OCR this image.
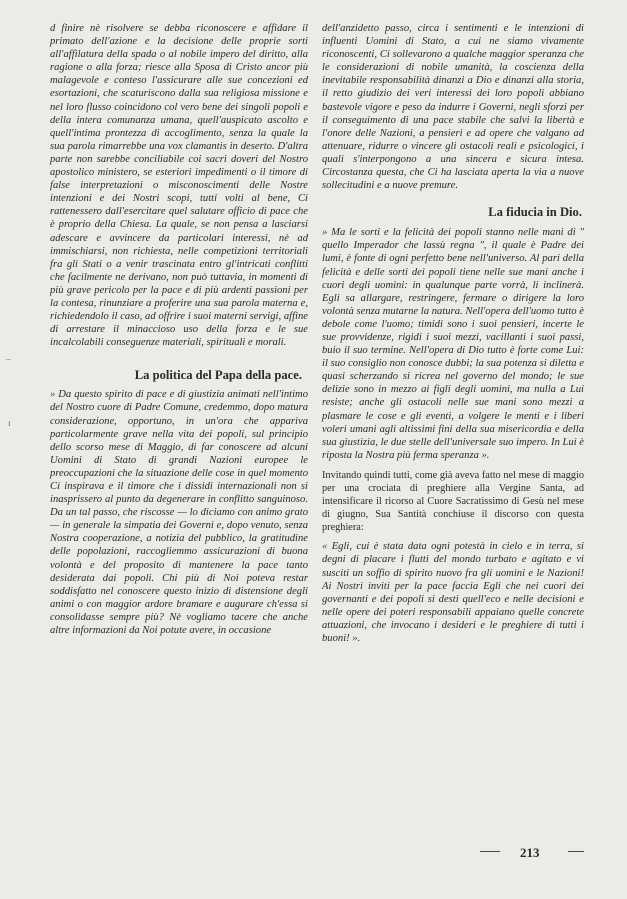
d finire nè risolvere se debba riconoscere e affidare il primato dell'azione e la decisione delle proprie sorti all'affilatura della spada o al nobile impero del diritto, alla ragione o alla forza; riesce alla Sposa di Cristo ancor più malagevole e conteso l'assicurare alle sue concezioni ed esortazioni, che scaturiscono dalla sua religiosa missione e nel loro flusso coincidono col vero bene dei singoli popoli e della intera comunanza umana, quell'auspicato ascolto e quell'intima prontezza di accoglimento, senza la quale la sua parola rimarrebbe una vox clamantis in deserto. D'altra parte non sarebbe conciliabile coi sacri doveri del Nostro apostolico ministero, se esteriori impedimenti o il timore di false interpretazioni o misconoscimenti delle Nostre intenzioni e dei Nostri scopi, tutti volti al bene, Ci rattenessero dall'esercitare quel salutare officio di pace che è proprio della Chiesa. La quale, se non pensa a lasciarsi adescare e avvincere da particolari interessi, nè ad immischiarsi, non richiesta, nelle competizioni territoriali fra gli Stati o a venir trascinata entro gl'intricati conflitti che facilmente ne derivano, non può tuttavia, in momenti di più grave pericolo per la pace e di più ardenti passioni per la contesa, rinunziare a proferire una sua parola materna e, richiedendolo il caso, ad offrire i suoi materni servigi, affine di arrestare il minaccioso uso della forza e le sue incalcolabili conseguenze materiali, spirituali e morali.

La politica del Papa della pace.

» Da questo spirito di pace e di giustizia animati nell'intimo del Nostro cuore di Padre Comune, credemmo, dopo matura considerazione, opportuno, in un'ora che appariva particolarmente grave nella vita dei popoli, sul principio dello scorso mese di Maggio, di far conoscere ad alcuni Uomini di Stato di grandi Nazioni europee le preoccupazioni che la situazione delle cose in quel momento Ci inspirava e il timore che i dissidi internazionali non si inasprissero al punto da degenerare in conflitto sanguinoso. Da un tal passo, che riscosse — lo diciamo con animo grato — in generale la simpatia dei Governi e, dopo venuto, senza Nostra cooperazione, a notizia del pubblico, la gratitudine delle popolazioni, raccogliemmo assicurazioni di buona volontà e del proposito di mantenere la pace tanto desiderata dai popoli. Chi più di Noi poteva restar soddisfatto nel conoscere questo inizio di distensione degli animi o con maggior ardore bramare e augurare ch'essa si consolidasse sempre più? Nè vogliamo tacere che anche altre informazioni da Noi potute avere, in occasione

dell'anzidetto passo, circa i sentimenti e le intenzioni di influenti Uomini di Stato, a cui ne siamo vivamente riconoscenti, Ci sollevarono a qualche maggior speranza che le considerazioni di nobile umanità, la coscienza della inevitabile responsabilità dinanzi a Dio e dinanzi alla storia, il retto giudizio dei veri interessi dei loro popoli abbiano bastevole vigore e peso da indurre i Governi, negli sforzi per il conseguimento di una pace stabile che salvi la libertà e l'onore delle Nazioni, a pensieri e ad opere che valgano ad attenuare, ridurre o vincere gli ostacoli reali e psicologici, i quali s'interpongono a una sincera e sicura intesa. Circostanza questa, che Ci ha lasciata aperta la via a nuove sollecitudini e a nuove premure.

La fiducia in Dio.

» Ma le sorti e la felicità dei popoli stanno nelle mani di " quello Imperador che lassù regna ", il quale è Padre dei lumi, è fonte di ogni perfetto bene nell'universo. Al pari della felicità e delle sorti dei popoli tiene nelle sue mani anche i cuori degli uomini: in qualunque parte vorrà, li inclinerà. Egli sa allargare, restringere, fermare o dirigere la loro volontà senza mutarne la natura. Nell'opera dell'uomo tutto è debole come l'uomo; timidi sono i suoi pensieri, incerte le sue provvidenze, rigidi i suoi mezzi, vacillanti i suoi passi, buio il suo termine. Nell'opera di Dio tutto è forte come Lui: il suo consiglio non conosce dubbi; la sua potenza si diletta e quasi scherzando si ricrea nel governo del mondo; le sue delizie sono in mezzo ai figli degli uomini, ma nulla a Lui resiste; anche gli ostacoli nelle sue mani sono mezzi a plasmare le cose e gli eventi, a volgere le menti e i liberi voleri umani agli altissimi fini della sua misericordia e della sua giustizia, le due stelle dell'universale suo impero. In Lui è riposta la Nostra più ferma speranza ».

Invitando quindi tutti, come già aveva fatto nel mese di maggio per una crociata di preghiere alla Vergine Santa, ad intensificare il ricorso al Cuore Sacratissimo di Gesù nel mese di giugno, Sua Santità conchiuse il discorso con questa preghiera:

« Egli, cui è stata data ogni potestà in cielo e in terra, si degni di placare i flutti del mondo turbato e agitato e vi susciti un soffio di spirito nuovo fra gli uomini e le Nazioni! Ai Nostri inviti per la pace faccia Egli che nei cuori dei governanti e dei popoli si desti quell'eco e nelle decisioni e nelle opere dei poteri responsabili appaiano quelle concrete attuazioni, che invocano i desideri e le preghiere di tutti i buoni! ».

–
ı
213
